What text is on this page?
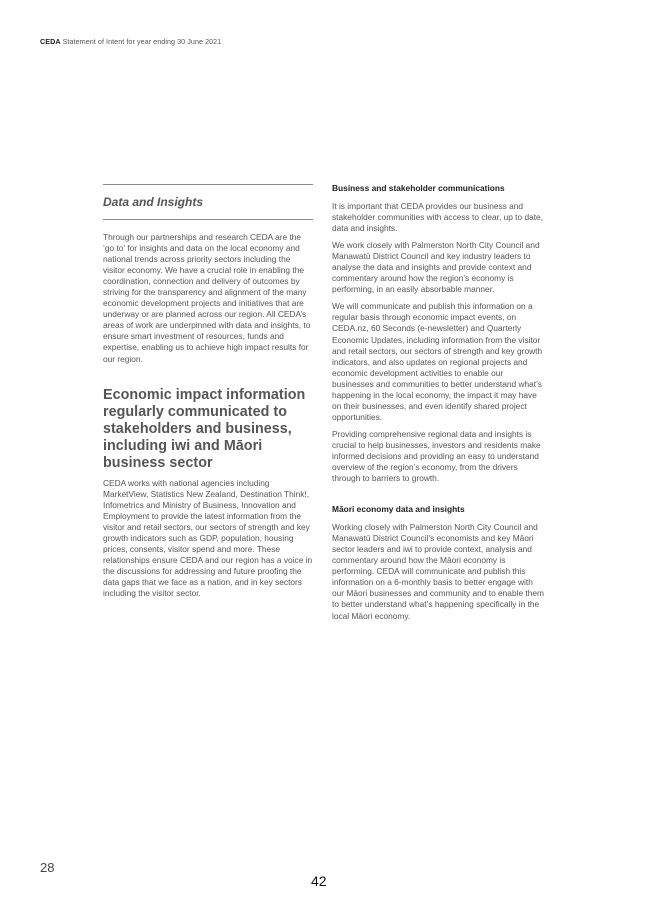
CEDA Statement of Intent for year ending 30 June 2021
Data and Insights

Through our partnerships and research CEDA are the ‘go to’ for insights and data on the local economy and national trends across priority sectors including the visitor economy. We have a crucial role in enabling the coordination, connection and delivery of outcomes by striving for the transparency and alignment of the many economic development projects and initiatives that are underway or are planned across our region. All CEDA’s areas of work are underpinned with data and insights, to ensure smart investment of resources, funds and expertise, enabling us to achieve high impact results for our region.

Economic impact information regularly communicated to stakeholders and business, including iwi and Māori business sector

CEDA works with national agencies including MarketView, Statistics New Zealand, Destination Think!, Infometrics and Ministry of Business, Innovation and Employment to provide the latest information from the visitor and retail sectors, our sectors of strength and key growth indicators such as GDP, population, housing prices, consents, visitor spend and more. These relationships ensure CEDA and our region has a voice in the discussions for addressing and future proofing the data gaps that we face as a nation, and in key sectors including the visitor sector.

Business and stakeholder communications

It is important that CEDA provides our business and stakeholder communities with access to clear, up to date, data and insights.

We work closely with Palmerston North City Council and Manawatū District Council and key industry leaders to analyse the data and insights and provide context and commentary around how the region’s economy is performing, in an easily absorbable manner.

We will communicate and publish this information on a regular basis through economic impact events, on CEDA.nz, 60 Seconds (e-newsletter) and Quarterly Economic Updates, including information from the visitor and retail sectors, our sectors of strength and key growth indicators, and also updates on regional projects and economic development activities to enable our businesses and communities to better understand what’s happening in the local economy, the impact it may have on their businesses, and even identify shared project opportunities.

Providing comprehensive regional data and insights is crucial to help businesses, investors and residents make informed decisions and providing an easy to understand overview of the region’s economy, from the drivers through to barriers to growth.

Māori economy data and insights

Working closely with Palmerston North City Council and Manawatū District Council’s economists and key Māori sector leaders and iwi to provide context, analysis and commentary around how the Māori economy is performing. CEDA will communicate and publish this information on a 6-monthly basis to better engage with our Māori businesses and community and to enable them to better understand what’s happening specifically in the local Māori economy.

28
42
